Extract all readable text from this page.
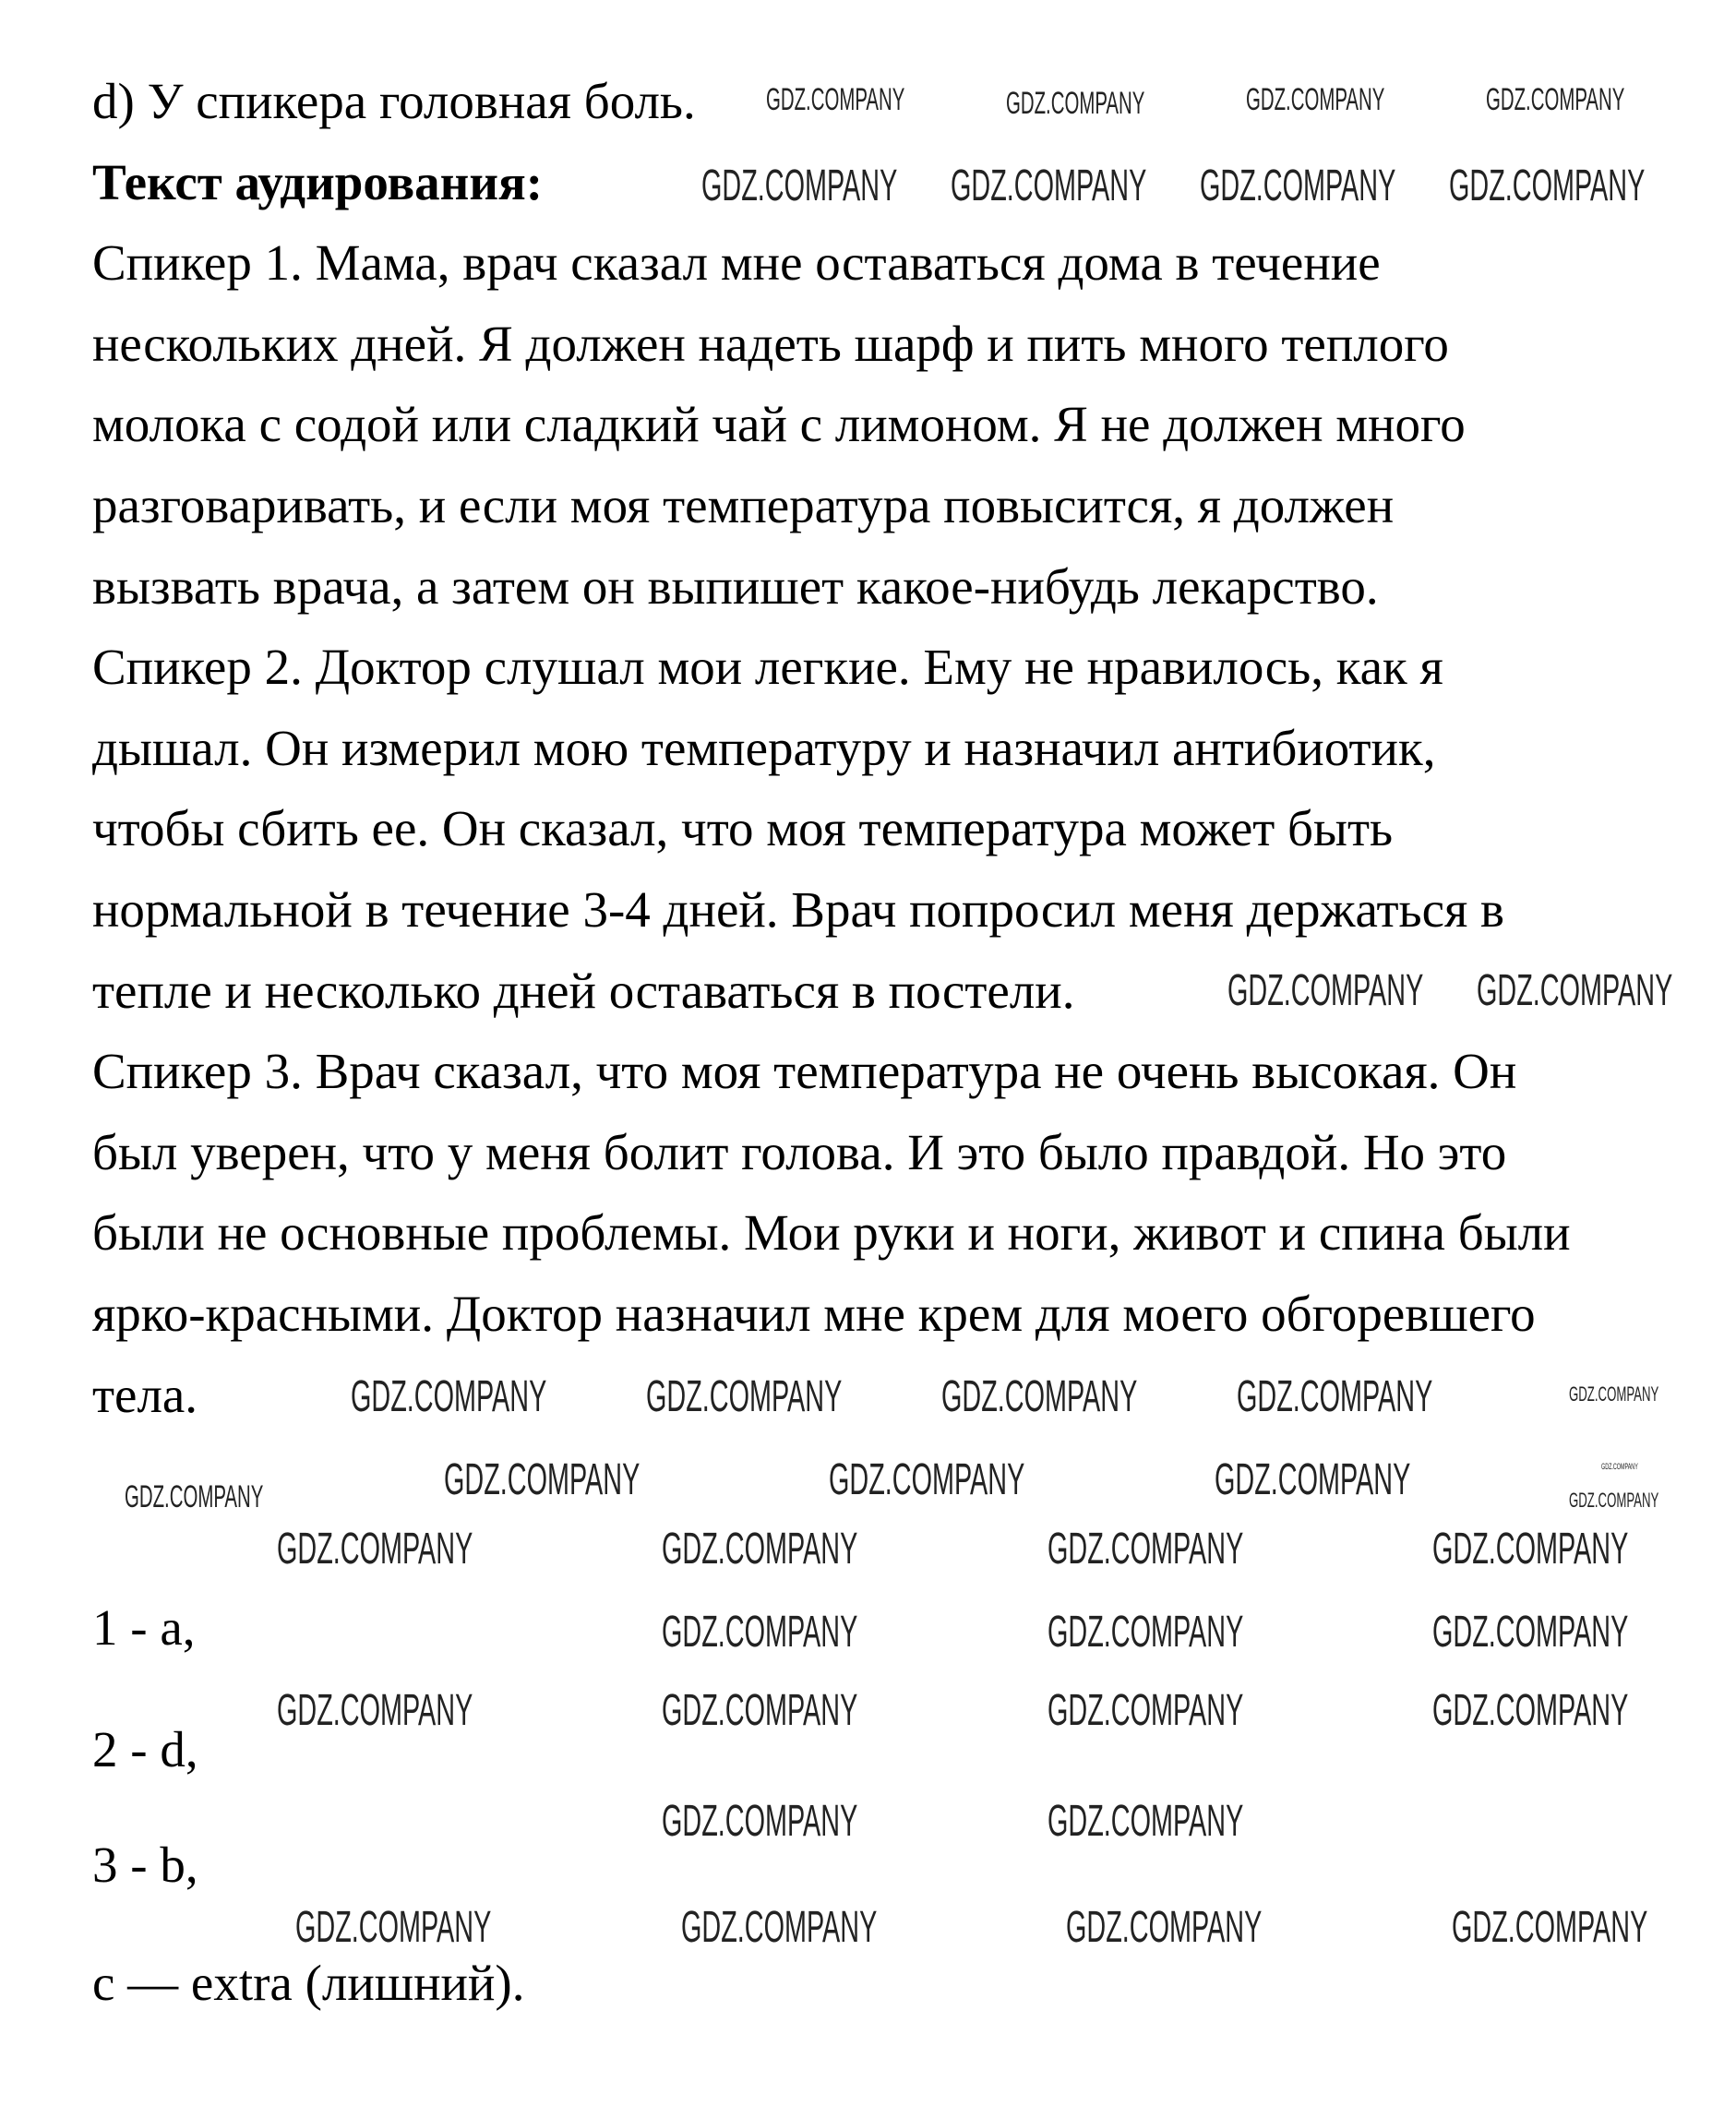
d) У спикера головная боль.
Текст аудирования:
Спикер 1. Мама, врач сказал мне оставаться дома в течение
нескольких дней. Я должен надеть шарф и пить много теплого
молока с содой или сладкий чай с лимоном. Я не должен много
разговаривать, и если моя температура повысится, я должен
вызвать врача, а затем он выпишет какое-нибудь лекарство.
Спикер 2. Доктор слушал мои легкие. Ему не нравилось, как я
дышал. Он измерил мою температуру и назначил антибиотик,
чтобы сбить ее. Он сказал, что моя температура может быть
нормальной в течение 3-4 дней. Врач попросил меня держаться в
тепле и несколько дней оставаться в постели.
Спикер 3. Врач сказал, что моя температура не очень высокая. Он
был уверен, что у меня болит голова. И это было правдой. Но это
были не основные проблемы. Мои руки и ноги, живот и спина были
ярко-красными. Доктор назначил мне крем для моего обгоревшего
тела.
1 - a,
2 - d,
3 - b,
c — extra (лишний).
GDZ.COMPANY	GDZ.COMPANY	GDZ.COMPANY	GDZ.COMPANY
GDZ.COMPANY GDZ.COMPANY GDZ.COMPANY GDZ.COMPANY
GDZ.COMPANY GDZ.COMPANY
GDZ.COMPANY GDZ.COMPANY GDZ.COMPANY GDZ.COMPANY	GDZ.COMPANY
GDZ.COMPANY	GDZ.COMPANY	GDZ.COMPANY	GDZ.COMPANY	GDZ.COMPANY
GDZ.COMPANY	GDZ.COMPANY	GDZ.COMPANY	GDZ.COMPANY
GDZ.COMPANY
GDZ.COMPANY	GDZ.COMPANY	GDZ.COMPANY
GDZ.COMPANY	GDZ.COMPANY	GDZ.COMPANY	GDZ.COMPANY
GDZ.COMPANY	GDZ.COMPANY
GDZ.COMPANY	GDZ.COMPANY	GDZ.COMPANY	GDZ.COMPANY
